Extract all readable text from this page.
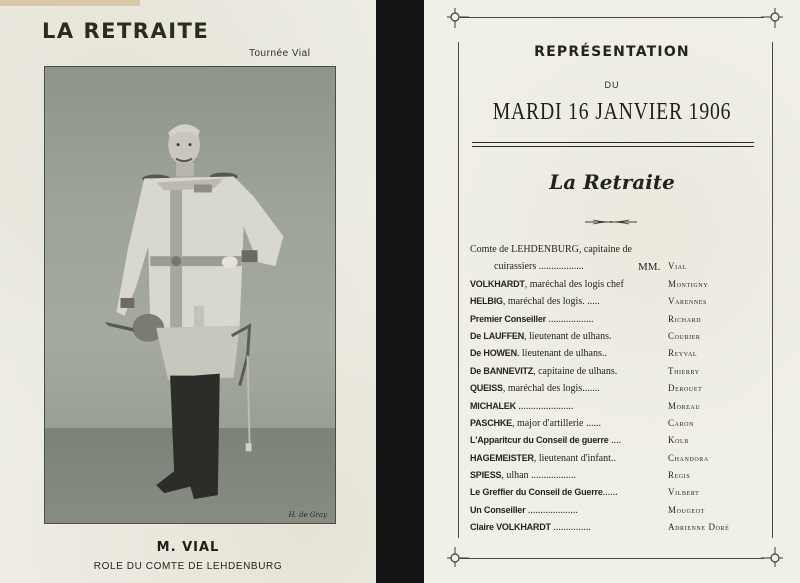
LA RETRAITE
Tournée Vial
H. de Gray
M. VIAL
ROLE DU COMTE DE LEHDENBURG
REPRÉSENTATION
DU
MARDI 16 JANVIER 1906
La Retraite
Comte de LEHDENBURG, capitaine de
cuirassiers ..................	MM. Vial
VOLKHARDT, maréchal des logis chef	Montigny
HELBIG, maréchal des logis. .....	Varennes
Premier Conseiller ..................	Richard
De LAUFFEN, lieutenant de ulhans.	Courier
De HOWEN. lieutenant de ulhans..	Reyval
De BANNEVITZ, capitaine de ulhans.	Thierry
QUEISS, maréchal des logis.......	Derouet
MICHALEK ......................	Moreau
PASCHKE, major d'artillerie ......	Caron
L'Apparitcur du Conseil de guerre ....	Kolb
HAGEMEISTER, lieutenant d'infant..	Chandora
SPIESS, ulhan ..................	Regis
Le Greffier du Conseil de Guerre......	Vilbert
Un Conseiller ....................	Mougeot
Claire VOLKHARDT ...............	Adrienne Doré
